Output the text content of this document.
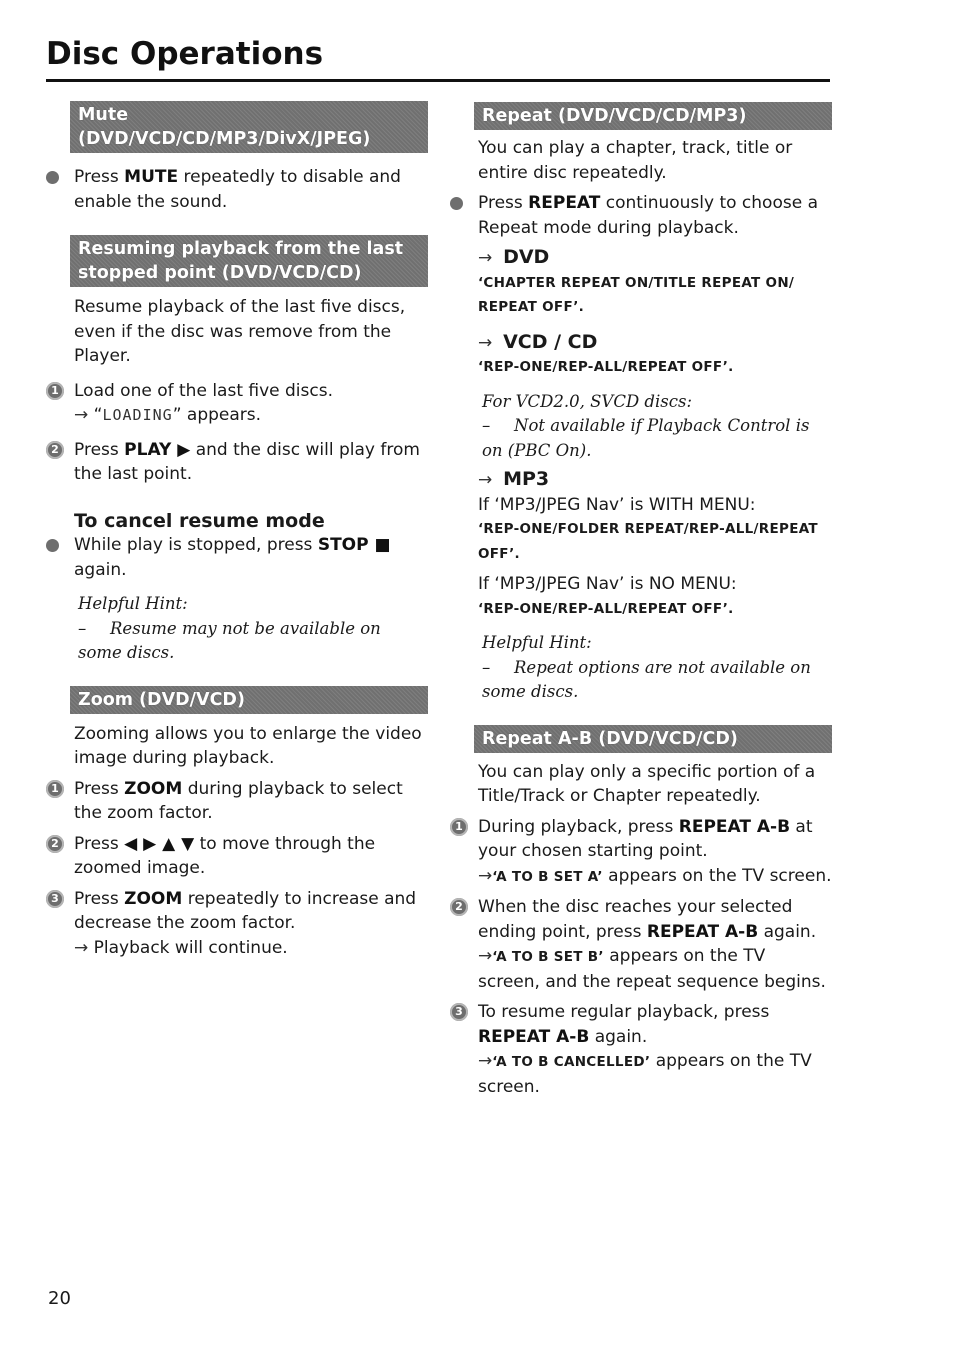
Disc Operations
Mute
(DVD/VCD/CD/MP3/DivX/JPEG)
Press MUTE repeatedly to disable and enable the sound.
Resuming playback from the last
stopped point (DVD/VCD/CD)
Resume playback of the last five discs, even if the disc was remove from the Player.
1 Load one of the last five discs.
→ “LOADING” appears.
2 Press PLAY ▶ and the disc will play from the last point.
To cancel resume mode
While play is stopped, press STOP ■ again.
Helpful Hint:
– Resume may not be available on some discs.
Zoom (DVD/VCD)
Zooming allows you to enlarge the video image during playback.
1 Press ZOOM during playback to select the zoom factor.
2 Press ◀ ▶ ▲ ▼ to move through the zoomed image.
3 Press ZOOM repeatedly to increase and decrease the zoom factor.
→ Playback will continue.
Repeat (DVD/VCD/CD/MP3)
You can play a chapter, track, title or entire disc repeatedly.
Press REPEAT continuously to choose a Repeat mode during playback.
→ DVD
‘CHAPTER REPEAT ON/TITLE REPEAT ON/ REPEAT OFF’.
→ VCD / CD
‘REP-ONE/REP-ALL/REPEAT OFF’.
For VCD2.0, SVCD discs:
– Not available if Playback Control is on (PBC On).
→ MP3
If ‘MP3/JPEG Nav’ is WITH MENU:
‘REP-ONE/FOLDER REPEAT/REP-ALL/REPEAT OFF’.
If ‘MP3/JPEG Nav’ is NO MENU:
‘REP-ONE/REP-ALL/REPEAT OFF’.
Helpful Hint:
– Repeat options are not available on some discs.
Repeat A-B (DVD/VCD/CD)
You can play only a specific portion of a Title/Track or Chapter repeatedly.
1 During playback, press REPEAT A-B at your chosen starting point.
→‘A TO B SET A’ appears on the TV screen.
2 When the disc reaches your selected ending point, press REPEAT A-B again.
→‘A TO B SET B’ appears on the TV screen, and the repeat sequence begins.
3 To resume regular playback, press REPEAT A-B again.
→‘A TO B CANCELLED’ appears on the TV screen.
20
